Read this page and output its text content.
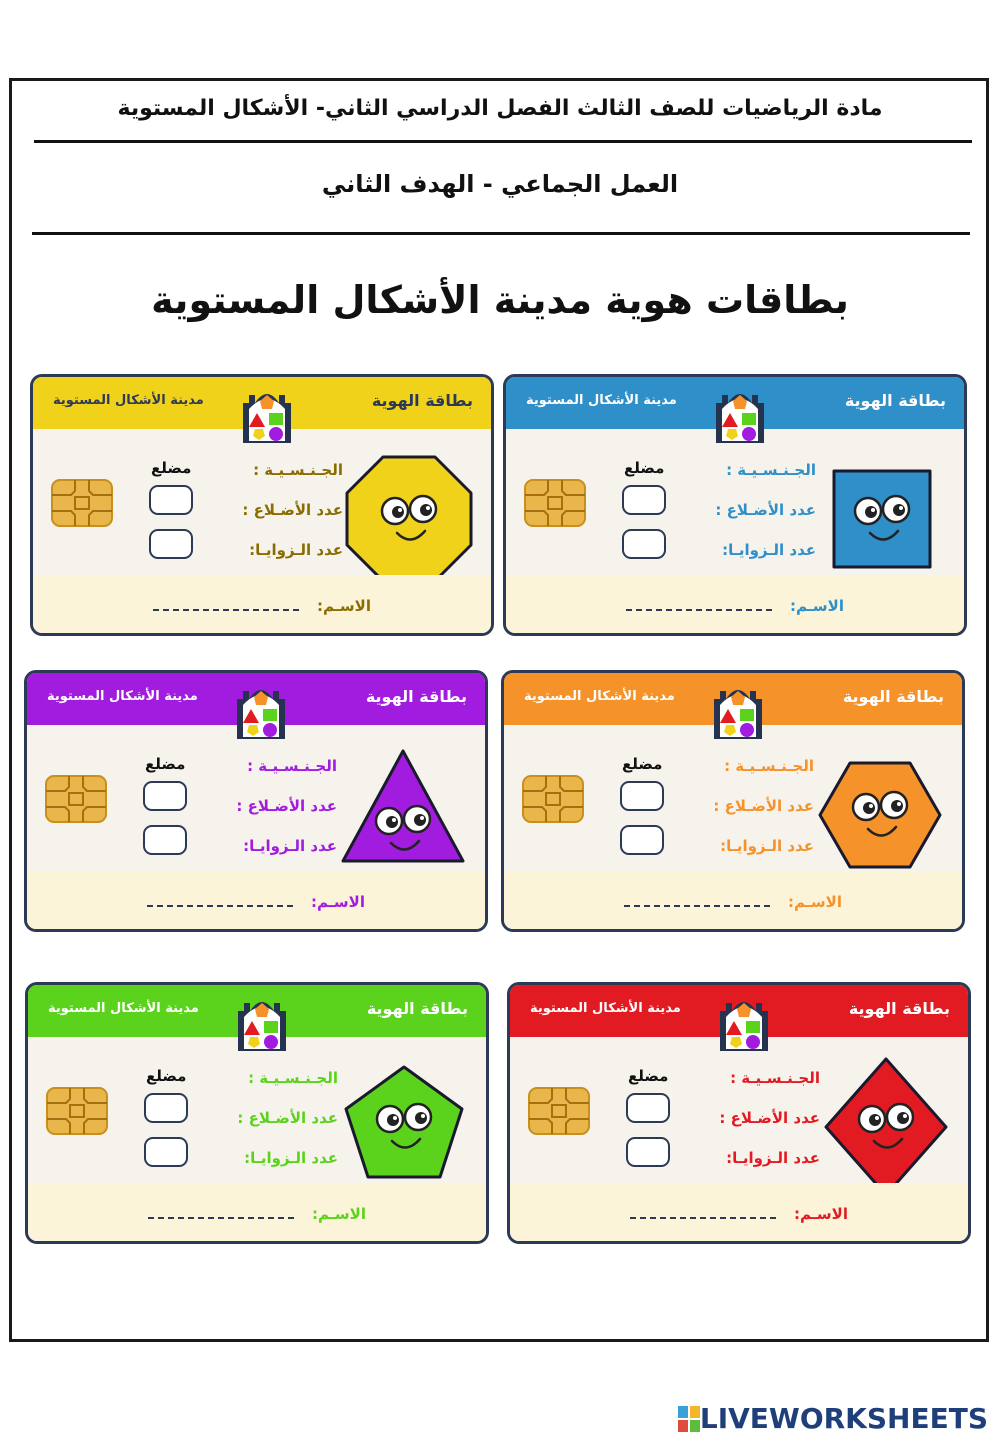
مادة الرياضيات للصف الثالث الفصل الدراسي الثاني- الأشكال المستوية
العمل الجماعي - الهدف الثاني
بطاقات هوية مدينة الأشكال المستوية
بطاقة الهوية
مدينة الأشكال المستوية
الجـنـسـيـة :
عدد الأضـلاع :
عدد الـزوايـا:
مضلع
الاسـم:
بطاقة الهوية
مدينة الأشكال المستوية
الجـنـسـيـة :
عدد الأضـلاع :
عدد الـزوايـا:
مضلع
الاسـم:
بطاقة الهوية
مدينة الأشكال المستوية
الجـنـسـيـة :
عدد الأضـلاع :
عدد الـزوايـا:
مضلع
الاسـم:
بطاقة الهوية
مدينة الأشكال المستوية
الجـنـسـيـة :
عدد الأضـلاع :
عدد الـزوايـا:
مضلع
الاسـم:
بطاقة الهوية
مدينة الأشكال المستوية
الجـنـسـيـة :
عدد الأضـلاع :
عدد الـزوايـا:
مضلع
الاسـم:
بطاقة الهوية
مدينة الأشكال المستوية
الجـنـسـيـة :
عدد الأضـلاع :
عدد الـزوايـا:
مضلع
الاسـم:
LIVEWORKSHEETS
